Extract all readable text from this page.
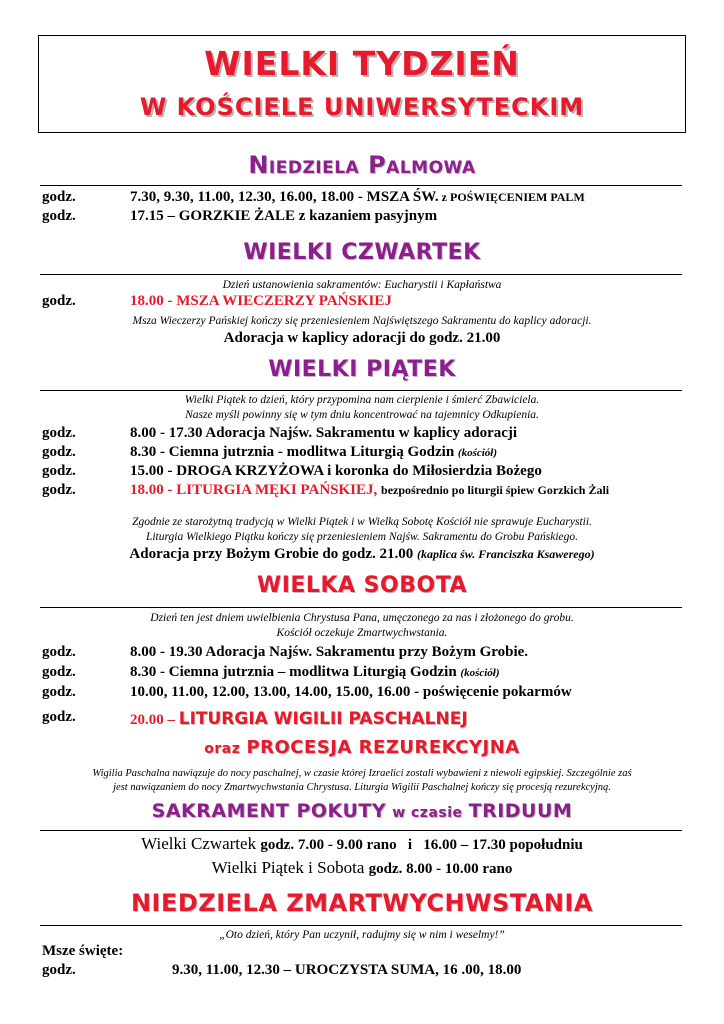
WIELKI TYDZIEŃ
W KOŚCIELE UNIWERSYTECKIM
Niedziela Palmowa
godz.	7.30, 9.30, 11.00, 12.30, 16.00, 18.00 - MSZA ŚW. z POŚWIĘCENIEM PALM
godz.	17.15 – GORZKIE ŻALE z kazaniem pasyjnym
WIELKI CZWARTEK
Dzień ustanowienia sakramentów: Eucharystii i Kapłaństwa
godz.	18.00 - MSZA WIECZERZY PAŃSKIEJ
Msza Wieczerzy Pańskiej kończy się przeniesieniem Najświętszego Sakramentu do kaplicy adoracji.
Adoracja w kaplicy adoracji do godz. 21.00
WIELKI PIĄTEK
Wielki Piątek to dzień, który przypomina nam cierpienie i śmierć Zbawiciela.
Nasze myśli powinny się w tym dniu koncentrować na tajemnicy Odkupienia.
godz.	8.00 - 17.30 Adoracja Najśw. Sakramentu w kaplicy adoracji
godz.	8.30 - Ciemna jutrznia - modlitwa Liturgią Godzin (kościół)
godz.	15.00 - DROGA KRZYŻOWA i koronka do Miłosierdzia Bożego
godz.	18.00 - LITURGIA MĘKI PAŃSKIEJ, bezpośrednio po liturgii śpiew Gorzkich Żali
Zgodnie ze starożytną tradycją w Wielki Piątek i w Wielką Sobotę Kościół nie sprawuje Eucharystii.
Liturgia Wielkiego Piątku kończy się przeniesieniem Najśw. Sakramentu do Grobu Pańskiego.
Adoracja przy Bożym Grobie do godz. 21.00 (kaplica św. Franciszka Ksawerego)
WIELKA SOBOTA
Dzień ten jest dniem uwielbienia Chrystusa Pana, umęczonego za nas i złożonego do grobu.
Kościół oczekuje Zmartwychwstania.
godz.	8.00 - 19.30 Adoracja Najśw. Sakramentu przy Bożym Grobie.
godz.	8.30 - Ciemna jutrznia – modlitwa Liturgią Godzin (kościół)
godz.	10.00, 11.00, 12.00, 13.00, 14.00, 15.00, 16.00 - poświęcenie pokarmów
godz.	20.00 – LITURGIA WIGILII PASCHALNEJ
oraz PROCESJA REZUREKCYJNA
Wigilia Paschalna nawiązuje do nocy paschalnej, w czasie której Izraelici zostali wybawieni z niewoli egipskiej. Szczególnie zaś
jest nawiązaniem do nocy Zmartwychwstania Chrystusa. Liturgia Wigilii Paschalnej kończy się procesją rezurekcyjną.
SAKRAMENT POKUTY w czasie TRIDUUM
Wielki Czwartek godz. 7.00 - 9.00 rano   i   16.00 – 17.30 popołudniu
Wielki Piątek i Sobota godz. 8.00 - 10.00 rano
NIEDZIELA ZMARTWYCHWSTANIA
„Oto dzień, który Pan uczynił, radujmy się w nim i weselmy!”
Msze święte:
godz.	9.30, 11.00, 12.30 – UROCZYSTA SUMA, 16 .00, 18.00
